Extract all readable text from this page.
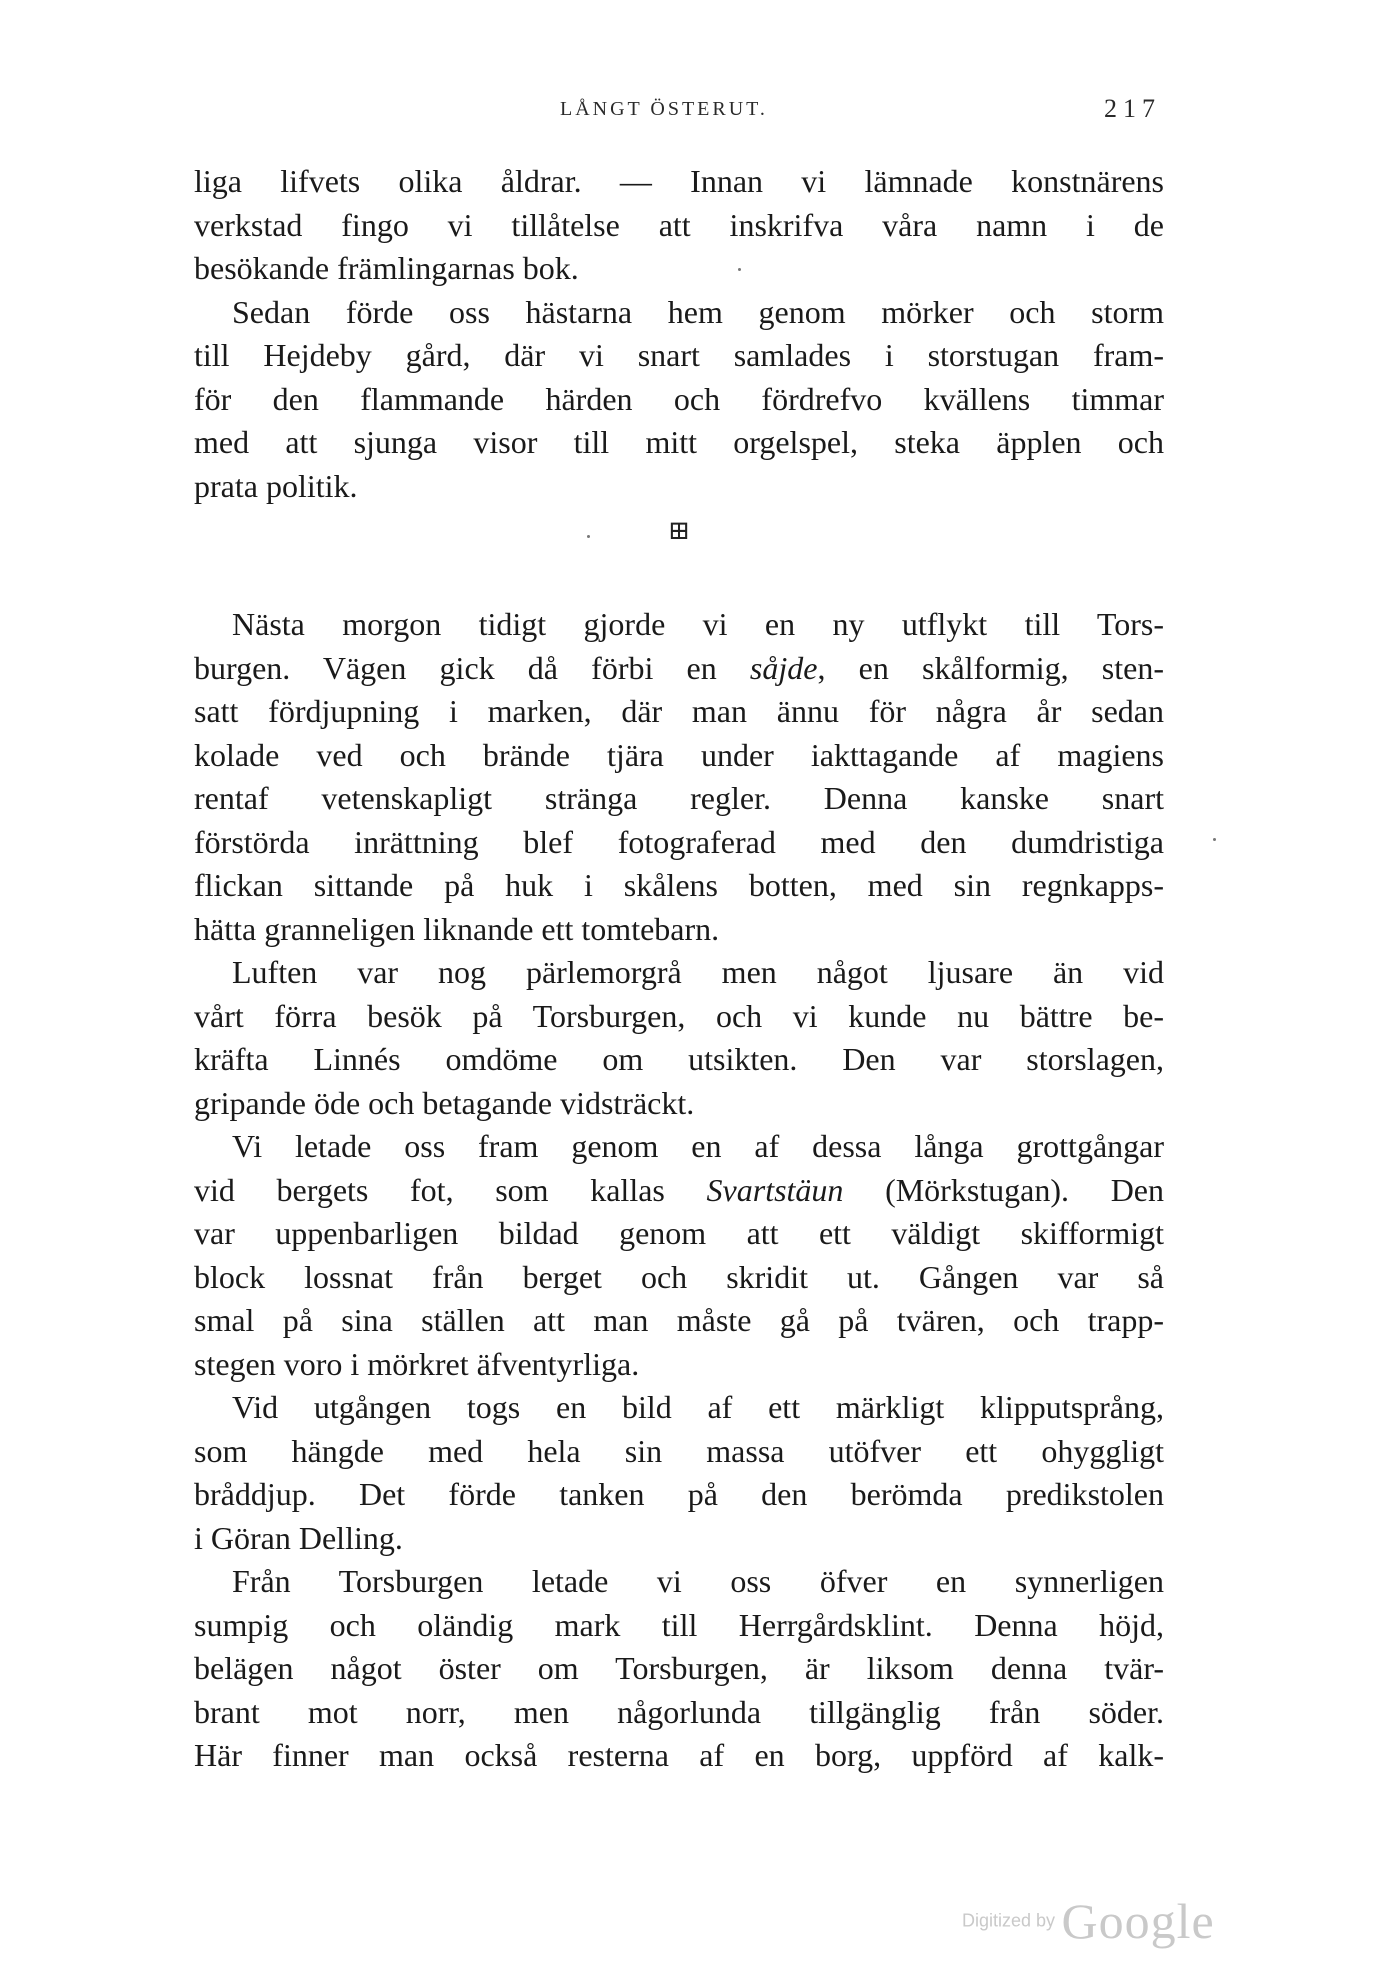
LÅNGT ÖSTERUT.	217
liga lifvets olika åldrar. — Innan vi lämnade konstnärens
verkstad fingo vi tillåtelse att inskrifva våra namn i de
besökande främlingarnas bok.
Sedan förde oss hästarna hem genom mörker och storm
till Hejdeby gård, där vi snart samlades i storstugan fram-
för den flammande härden och fördrefvo kvällens timmar
med att sjunga visor till mitt orgelspel, steka äpplen och
prata politik.
⊞
Nästa morgon tidigt gjorde vi en ny utflykt till Tors-
burgen. Vägen gick då förbi en såjde, en skålformig, sten-
satt fördjupning i marken, där man ännu för några år sedan
kolade ved och brände tjära under iakttagande af magiens
rentaf vetenskapligt stränga regler. Denna kanske snart
förstörda inrättning blef fotograferad med den dumdristiga
flickan sittande på huk i skålens botten, med sin regnkapps-
hätta granneligen liknande ett tomtebarn.
Luften var nog pärlemorgrå men något ljusare än vid
vårt förra besök på Torsburgen, och vi kunde nu bättre be-
kräfta Linnés omdöme om utsikten. Den var storslagen,
gripande öde och betagande vidsträckt.
Vi letade oss fram genom en af dessa långa grottgångar
vid bergets fot, som kallas Svartstäun (Mörkstugan). Den
var uppenbarligen bildad genom att ett väldigt skifformigt
block lossnat från berget och skridit ut. Gången var så
smal på sina ställen att man måste gå på tvären, och trapp-
stegen voro i mörkret äfventyrliga.
Vid utgången togs en bild af ett märkligt klipputsprång,
som hängde med hela sin massa utöfver ett ohyggligt
bråddjup. Det förde tanken på den berömda predikstolen
i Göran Delling.
Från Torsburgen letade vi oss öfver en synnerligen
sumpig och oländig mark till Herrgårdsklint. Denna höjd,
belägen något öster om Torsburgen, är liksom denna tvär-
brant mot norr, men någorlunda tillgänglig från söder.
Här finner man också resterna af en borg, uppförd af kalk-
Digitized by Google
